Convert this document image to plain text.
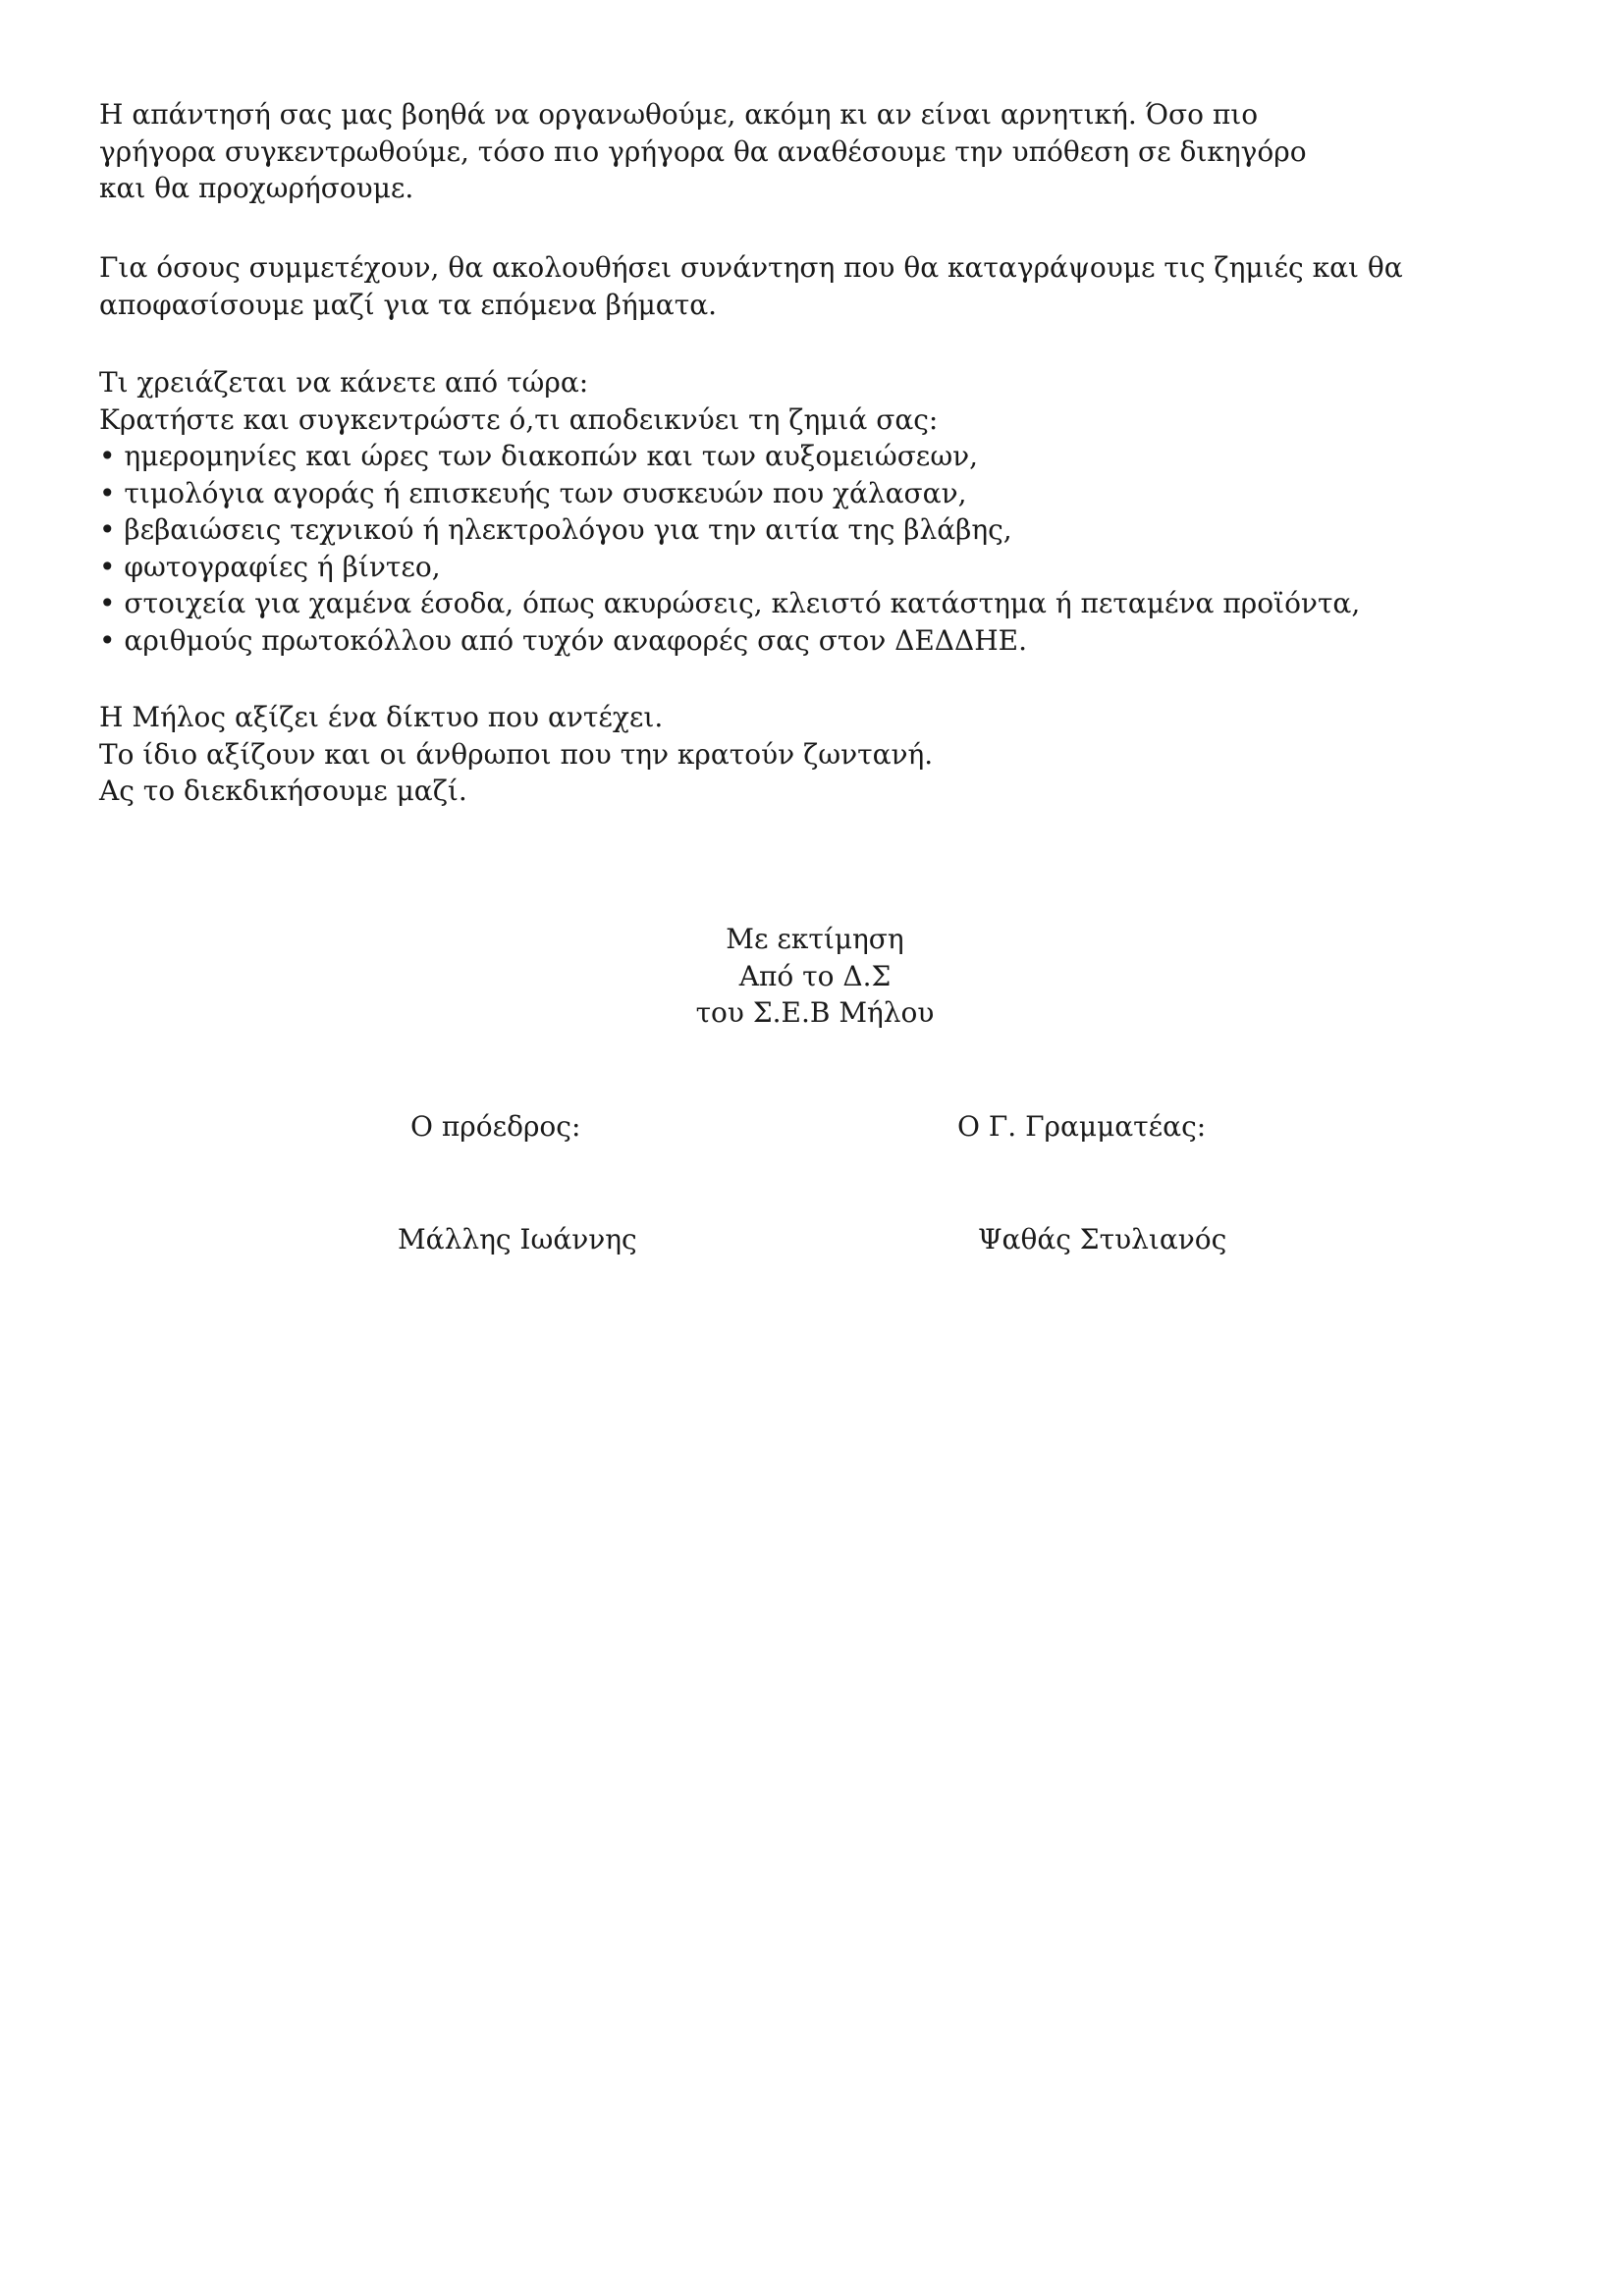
Η απάντησή σας μας βοηθά να οργανωθούμε, ακόμη κι αν είναι αρνητική. Όσο πιο
γρήγορα συγκεντρωθούμε, τόσο πιο γρήγορα θα αναθέσουμε την υπόθεση σε δικηγόρο
και θα προχωρήσουμε.
Για όσους συμμετέχουν, θα ακολουθήσει συνάντηση που θα καταγράψουμε τις ζημιές και θα
αποφασίσουμε μαζί για τα επόμενα βήματα.
Τι χρειάζεται να κάνετε από τώρα:
Κρατήστε και συγκεντρώστε ό,τι αποδεικνύει τη ζημιά σας:
• ημερομηνίες και ώρες των διακοπών και των αυξομειώσεων,
• τιμολόγια αγοράς ή επισκευής των συσκευών που χάλασαν,
• βεβαιώσεις τεχνικού ή ηλεκτρολόγου για την αιτία της βλάβης,
• φωτογραφίες ή βίντεο,
• στοιχεία για χαμένα έσοδα, όπως ακυρώσεις, κλειστό κατάστημα ή πεταμένα προϊόντα,
• αριθμούς πρωτοκόλλου από τυχόν αναφορές σας στον ΔΕΔΔΗΕ.
Η Μήλος αξίζει ένα δίκτυο που αντέχει.
Το ίδιο αξίζουν και οι άνθρωποι που την κρατούν ζωντανή.
Ας το διεκδικήσουμε μαζί.
Με εκτίμηση
Από το Δ.Σ
του Σ.Ε.Β Μήλου
Ο πρόεδρος:	Ο Γ. Γραμματέας:
Μάλλης Ιωάννης	Ψαθάς Στυλιανός
